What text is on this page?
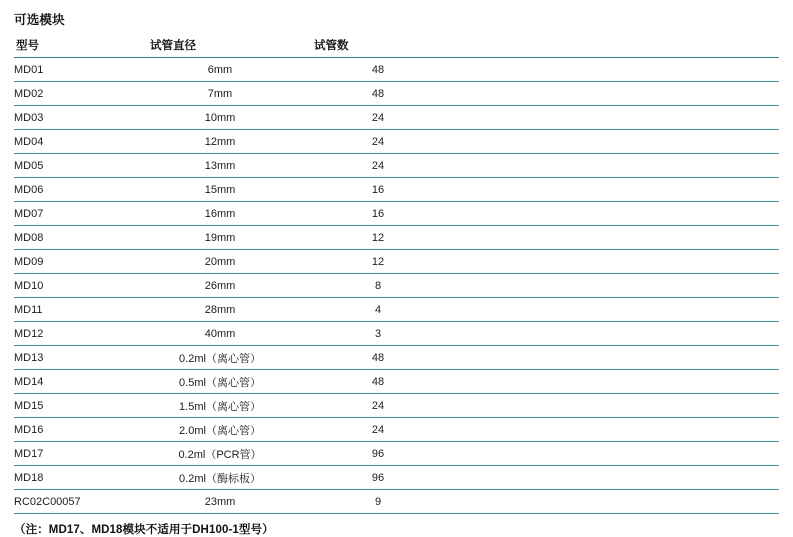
可选模块
型号	试管直径	试管数	
MD01	6mm	48	
MD02	7mm	48	
MD03	10mm	24	
MD04	12mm	24	
MD05	13mm	24	
MD06	15mm	16	
MD07	16mm	16	
MD08	19mm	12	
MD09	20mm	12	
MD10	26mm	8	
MD11	28mm	4	
MD12	40mm	3	
MD13	0.2ml（离心管）	48	
MD14	0.5ml（离心管）	48	
MD15	1.5ml（离心管）	24	
MD16	2.0ml（离心管）	24	
MD17	0.2ml（PCR管）	96	
MD18	0.2ml（酶标板）	96	
RC02C00057	23mm	9	
（注：MD17、MD18模块不适用于DH100-1型号）
